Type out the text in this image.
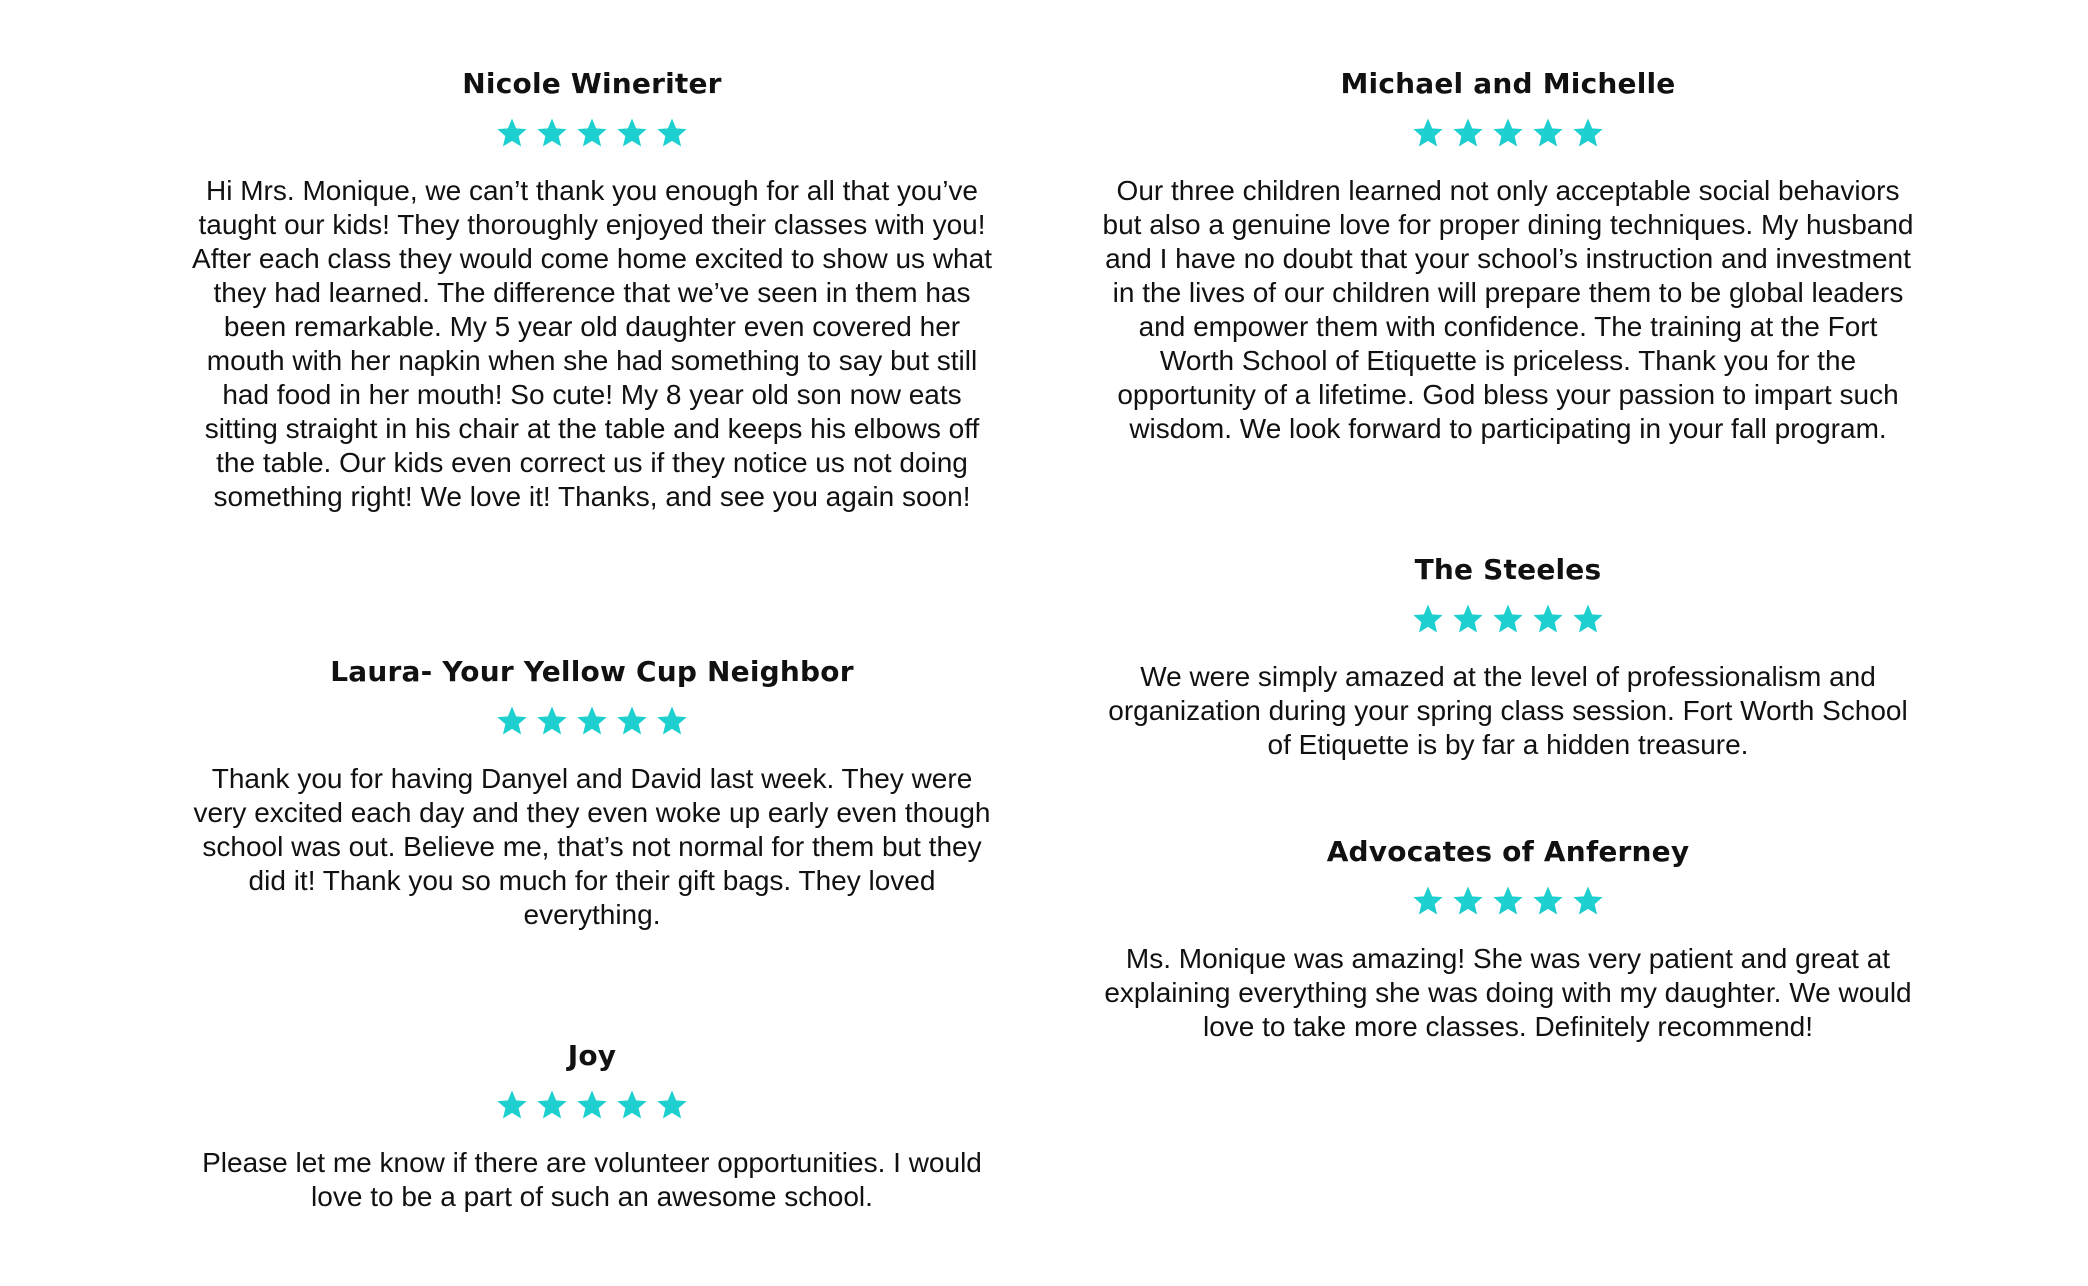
Nicole Wineriter

Hi Mrs. Monique, we can’t thank you enough for all that you’ve taught our kids! They thoroughly enjoyed their classes with you! After each class they would come home excited to show us what they had learned. The difference that we’ve seen in them has been remarkable. My 5 year old daughter even covered her mouth with her napkin when she had something to say but still had food in her mouth! So cute! My 8 year old son now eats sitting straight in his chair at the table and keeps his elbows off the table. Our kids even correct us if they notice us not doing something right! We love it! Thanks, and see you again soon!

Michael and Michelle

Our three children learned not only acceptable social behaviors but also a genuine love for proper dining techniques. My husband and I have no doubt that your school’s instruction and investment in the lives of our children will prepare them to be global leaders and empower them with confidence. The training at the Fort Worth School of Etiquette is priceless. Thank you for the opportunity of a lifetime. God bless your passion to impart such wisdom. We look forward to participating in your fall program.

The Steeles

We were simply amazed at the level of professionalism and organization during your spring class session. Fort Worth School of Etiquette is by far a hidden treasure.

Laura- Your Yellow Cup Neighbor

Thank you for having Danyel and David last week. They were very excited each day and they even woke up early even though school was out. Believe me, that’s not normal for them but they did it! Thank you so much for their gift bags. They loved everything.

Advocates of Anferney

Ms. Monique was amazing! She was very patient and great at explaining everything she was doing with my daughter. We would love to take more classes. Definitely recommend!

Joy

Please let me know if there are volunteer opportunities. I would love to be a part of such an awesome school.
